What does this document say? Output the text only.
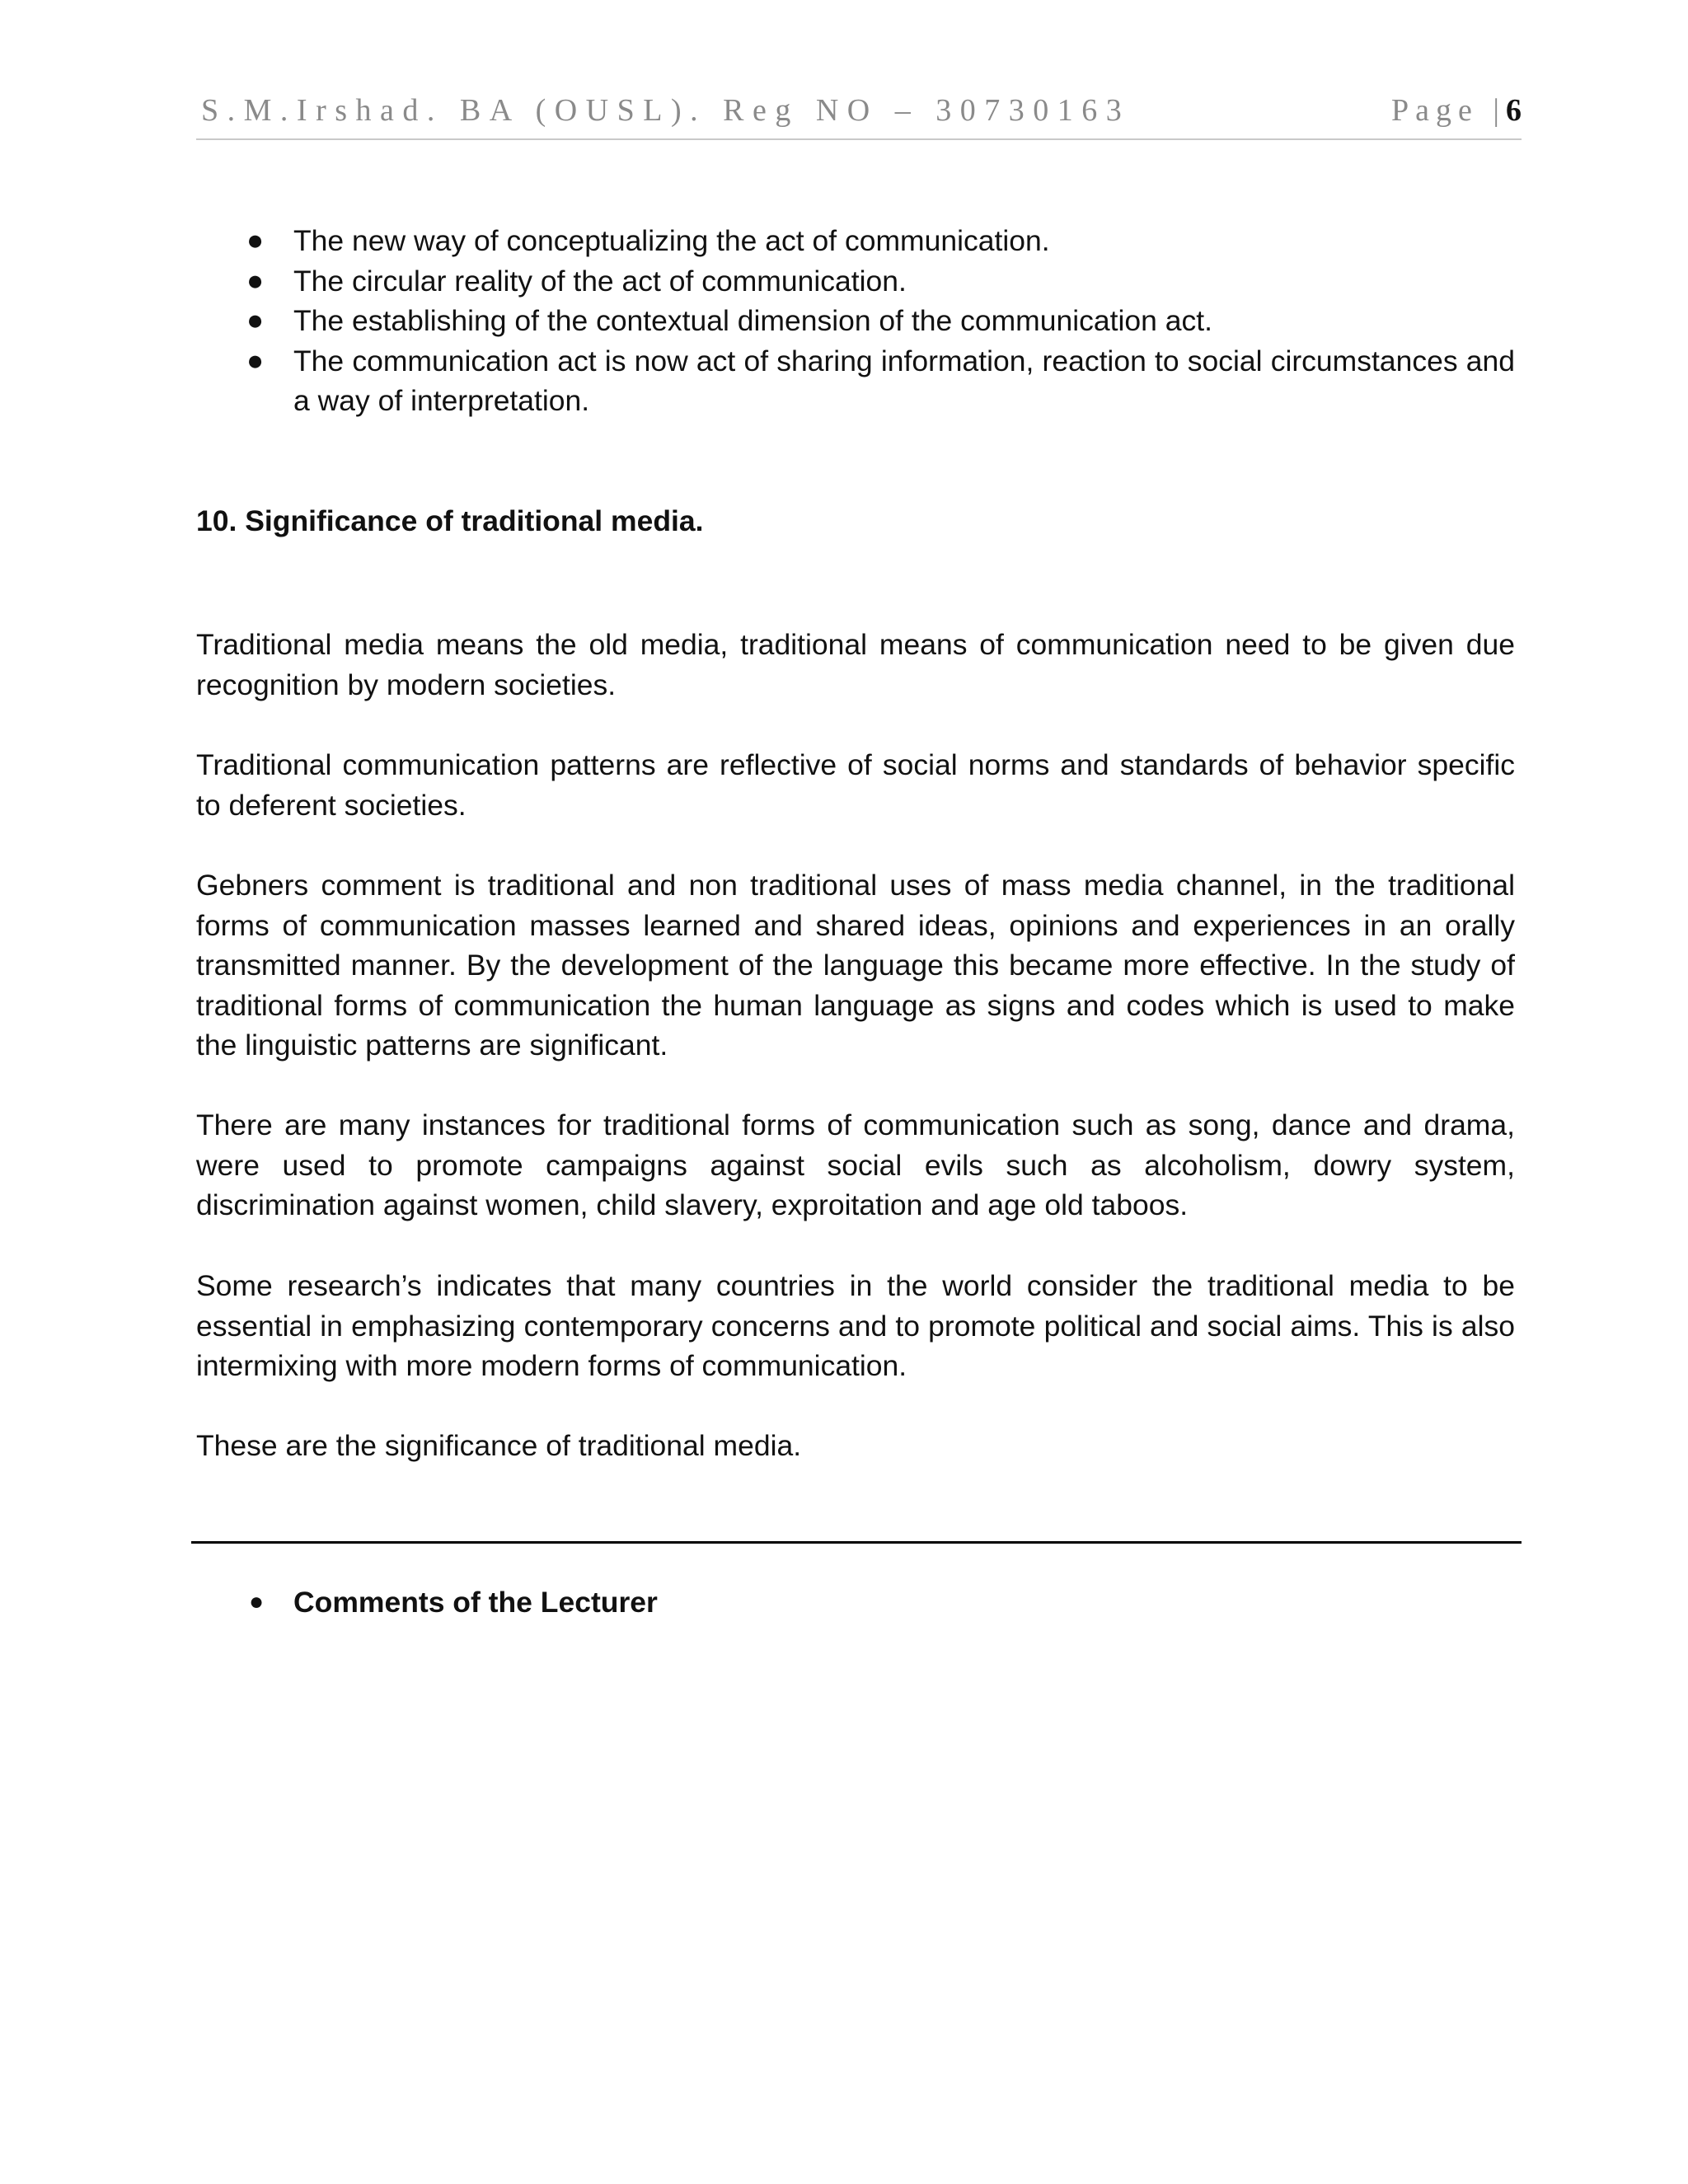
S.M.Irshad. BA (OUSL). Reg NO – 30730163	Page |6
● The new way of conceptualizing the act of communication.
● The circular reality of the act of communication.
● The establishing of the contextual dimension of the communication act.
● The communication act is now act of sharing information, reaction to social circumstances and a way of interpretation.
10. Significance of traditional media.

Traditional media means the old media, traditional means of communication need to be given due recognition by modern societies.

Traditional communication patterns are reflective of social norms and standards of behavior specific to deferent societies.

Gebners comment is traditional and non traditional uses of mass media channel, in the traditional forms of communication masses learned and shared ideas, opinions and experiences in an orally transmitted manner. By the development of the language this became more effective. In the study of traditional forms of communication the human language as signs and codes which is used to make the linguistic patterns are significant.

There are many instances for traditional forms of communication such as song, dance and drama, were used to promote campaigns against social evils such as alcoholism, dowry system, discrimination against women, child slavery, exproitation and age old taboos.

Some research’s indicates that many countries in the world consider the traditional media to be essential in emphasizing contemporary concerns and to promote political and social aims. This is also intermixing with more modern forms of communication.

These are the significance of traditional media.

● Comments of the Lecturer
